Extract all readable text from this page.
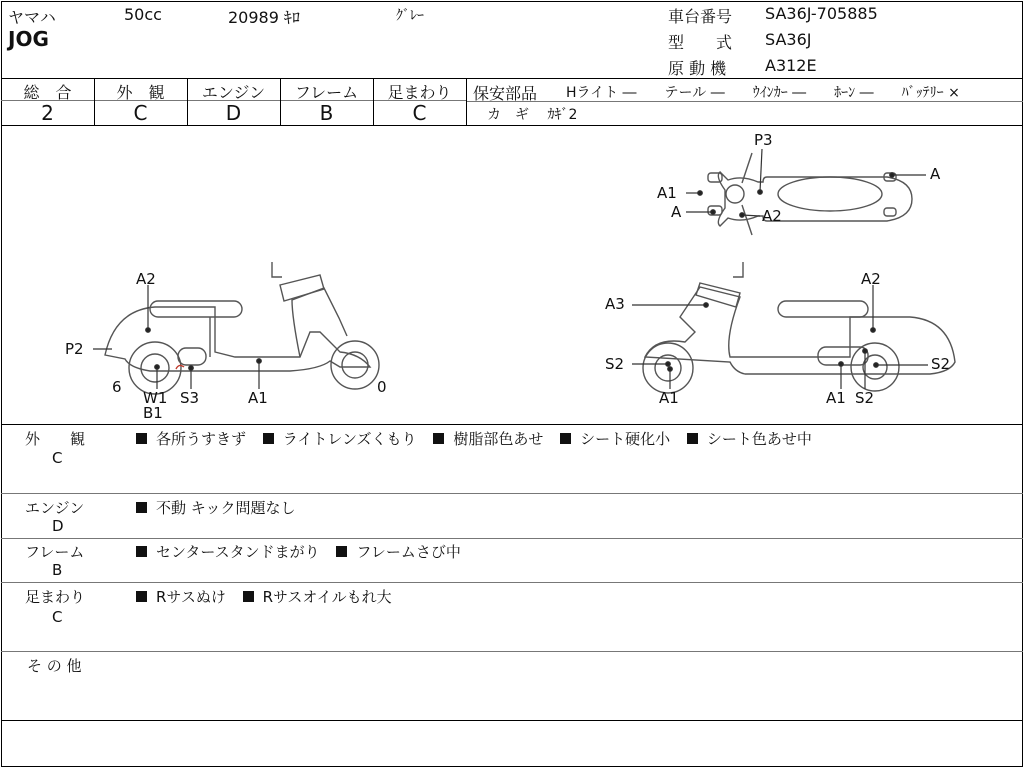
ヤマハ	50cc	20989 ｷﾛ	ｸﾞﾚｰ
JOG
車台番号 SA36J-705885
型　　式 SA36J
原 動 機 A312E
総　合	外　観	エンジン	フレーム	足まわり
2	C	D	B	C
保安部品 Hライト ―　　テール ―　　ｳｲﾝｶｰ ―　　ﾎｰﾝ ―　　ﾊﾞｯﾃﾘｰ ×
カ　ギ　 ｶｷﾞ2
P3
A1
A	A2
A
A2
P2
6
W1
B1
S3	A1
0
A2
A3
S2
A1	A1 S2
S2
外　　観
C
各所うすきず ライトレンズくもり 樹脂部色あせ シート硬化小 シート色あせ中
エンジン
D
不動 キック問題なし
フレーム
B
センタースタンドまがり フレームさび中
足まわり
C
Rサスぬけ Rサスオイルもれ大
そ の 他
